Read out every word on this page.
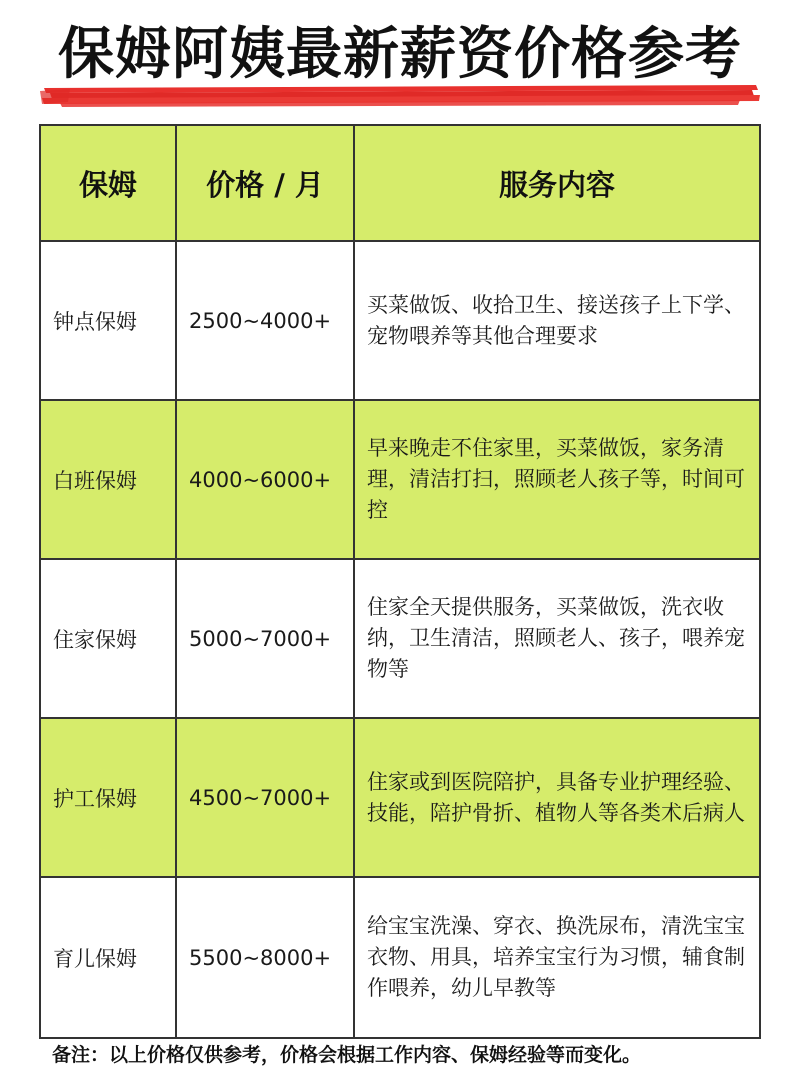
保姆阿姨最新薪资价格参考
保姆	价格 / 月	服务内容
钟点保姆	2500~4000+	买菜做饭、收拾卫生、接送孩子上下学、宠物喂养等其他合理要求
白班保姆	4000~6000+	早来晚走不住家里，买菜做饭，家务清理，清洁打扫，照顾老人孩子等，时间可控
住家保姆	5000~7000+	住家全天提供服务，买菜做饭，洗衣收纳，卫生清洁，照顾老人、孩子，喂养宠物等
护工保姆	4500~7000+	住家或到医院陪护，具备专业护理经验、技能，陪护骨折、植物人等各类术后病人
育儿保姆	5500~8000+	给宝宝洗澡、穿衣、换洗尿布，清洗宝宝衣物、用具，培养宝宝行为习惯，辅食制作喂养，幼儿早教等
备注：以上价格仅供参考，价格会根据工作内容、保姆经验等而变化。
